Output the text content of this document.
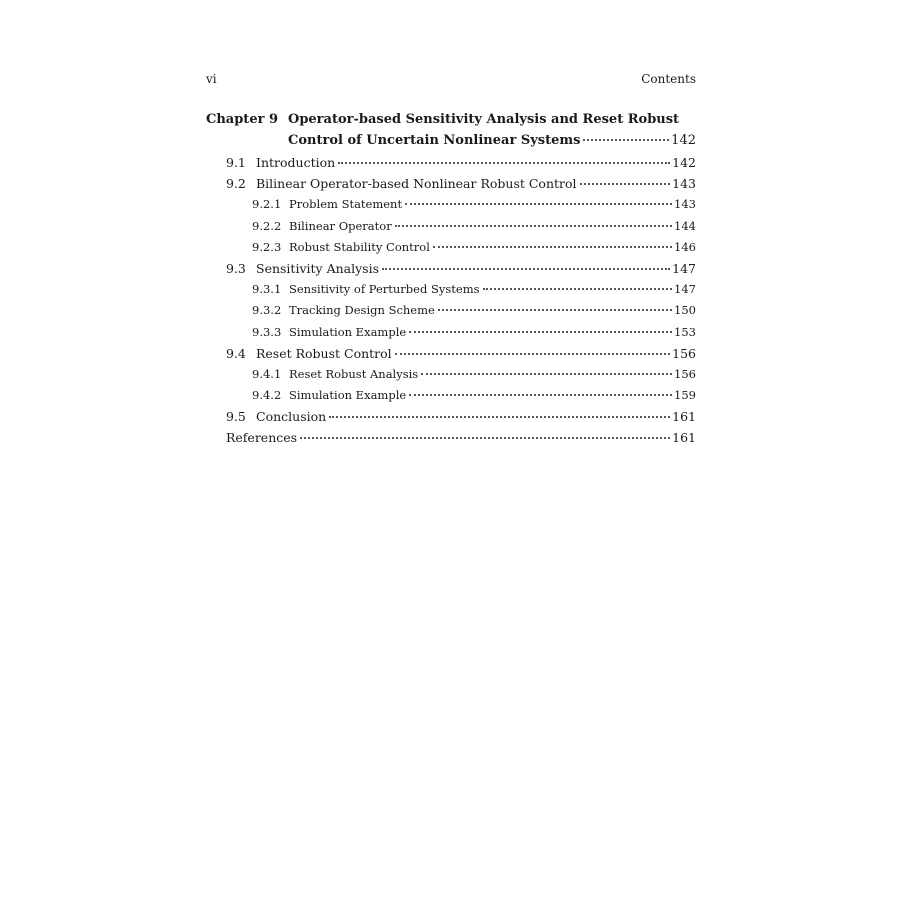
vi	Contents
Chapter 9 Operator-based Sensitivity Analysis and Reset Robust
Control of Uncertain Nonlinear Systems	142
9.1 Introduction	142
9.2 Bilinear Operator-based Nonlinear Robust Control	143
9.2.1 Problem Statement	143
9.2.2 Bilinear Operator	144
9.2.3 Robust Stability Control	146
9.3 Sensitivity Analysis	147
9.3.1 Sensitivity of Perturbed Systems	147
9.3.2 Tracking Design Scheme	150
9.3.3 Simulation Example	153
9.4 Reset Robust Control	156
9.4.1 Reset Robust Analysis	156
9.4.2 Simulation Example	159
9.5 Conclusion	161
References	161
